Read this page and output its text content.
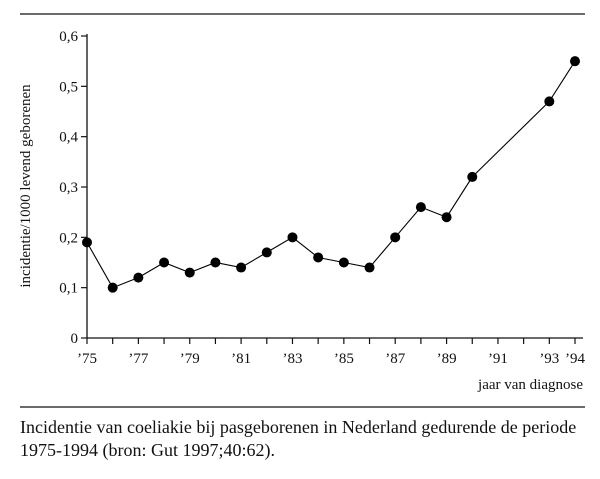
0
0,1
0,2
0,3
0,4
0,5
0,6
’75 ’77 ’79 ’81 ’83 ’85 ’87 ’89 ’91 ’93 ’94
jaar van diagnose
incidentie/1000 levend geborenen
Incidentie van coeliakie bij pasgeborenen in Nederland gedurende de periode 1975-1994 (bron: Gut 1997;40:62).
